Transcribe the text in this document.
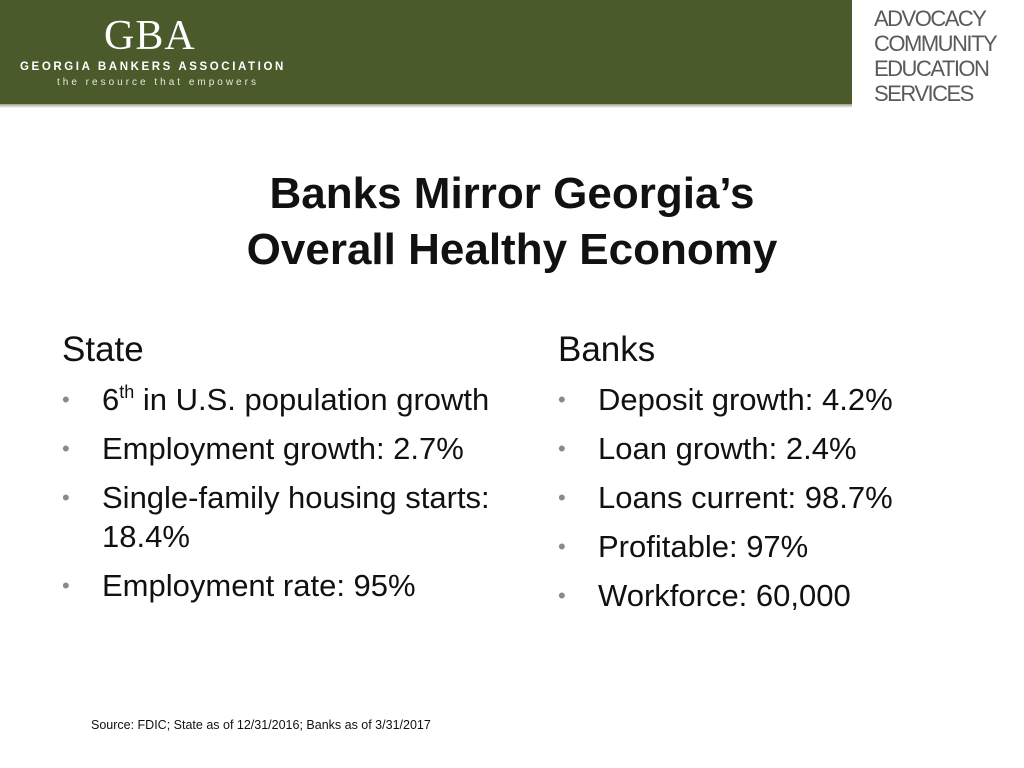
GBA
GEORGIA BANKERS ASSOCIATION
the resource that empowers
ADVOCACY
COMMUNITY
EDUCATION
SERVICES
Banks Mirror Georgia’s
Overall Healthy Economy
State
•	6th in U.S. population growth
•	Employment growth: 2.7%
•	Single-family housing starts: 18.4%
•	Employment rate: 95%
Banks
•	Deposit growth: 4.2%
•	Loan growth: 2.4%
•	Loans current: 98.7%
•	Profitable: 97%
•	Workforce: 60,000
Source: FDIC; State as of 12/31/2016; Banks as of 3/31/2017
